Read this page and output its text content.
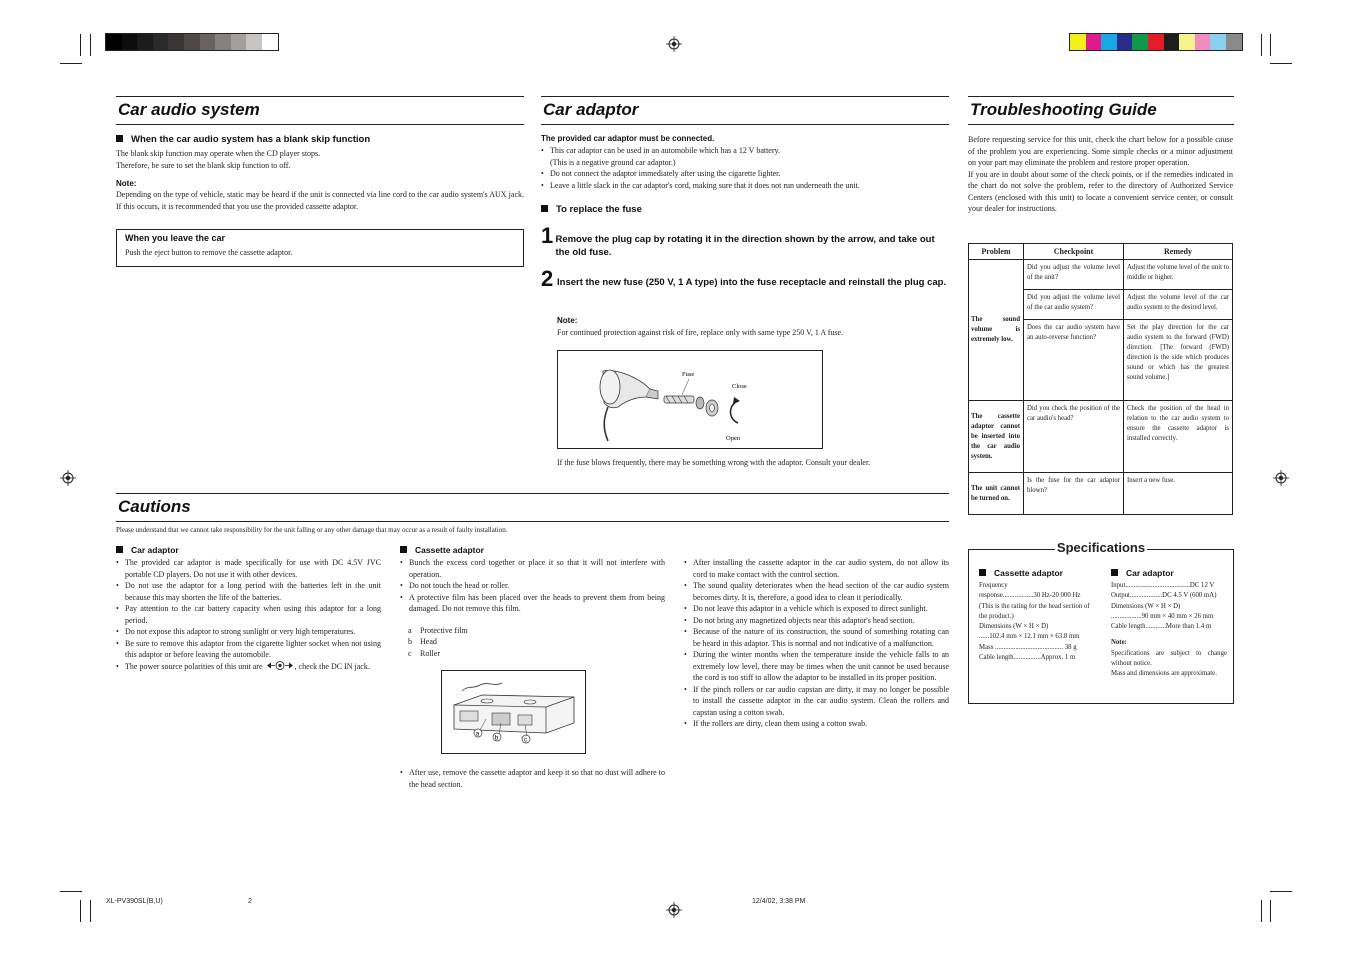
Car audio system
When the car audio system has a blank skip function
The blank skip function may operate when the CD player stops.
Therefore, be sure to set the blank skip function to off.
Note:
Depending on the type of vehicle, static may be heard if the unit is connected via line cord to the car audio system's AUX jack. If this occurs, it is recommended that you use the provided cassette adaptor.
When you leave the car
Push the eject button to remove the cassette adaptor.
Car adaptor
The provided car adaptor must be connected.
• This car adaptor can be used in an automobile which has a 12 V battery.
(This is a negative ground car adaptor.)
• Do not connect the adaptor immediately after using the cigarette lighter.
• Leave a little slack in the car adaptor's cord, making sure that it does not run underneath the unit.
To replace the fuse
1 Remove the plug cap by rotating it in the direction shown by the arrow, and take out the old fuse.
2 Insert the new fuse (250 V, 1 A type) into the fuse receptacle and reinstall the plug cap.
Note:
For continued protection against risk of fire, replace only with same type 250 V, 1 A fuse.
Fuse
Close
Open
If the fuse blows frequently, there may be something wrong with the adaptor. Consult your dealer.
Troubleshooting Guide
Before requesting service for this unit, check the chart below for a possible cause of the problem you are experiencing. Some simple checks or a minor adjustment on your part may eliminate the problem and restore proper operation.
If you are in doubt about some of the check points, or if the remedies indicated in the chart do not solve the problem, refer to the directory of Authorized Service Centers (enclosed with this unit) to locate a convenient service center, or consult your dealer for instructions.
Problem	Checkpoint	Remedy
The sound volume is extremely low.	Did you adjust the volume level of the unit?	Adjust the volume level of the unit to middle or higher.
	Did you adjust the volume level of the car audio system?	Adjust the volume level of the car audio system to the desired level.
	Does the car audio system have an auto-reverse function?	Set the play direction for the car audio system to the forward (FWD) direction. [The forward (FWD) direction is the side which produces sound or which has the greatest sound volume.]
The cassette adaptor cannot be inserted into the car audio system.	Did you check the position of the car audio's head?	Check the position of the head in relation to the car audio system to ensure the cassette adaptor is installed correctly.
The unit cannot be turned on.	Is the fuse for the car adaptor blown?	Insert a new fuse.
Cautions
Please understand that we cannot take responsibility for the unit falling or any other damage that may occur as a result of faulty installation.
Car adaptor
• The provided car adaptor is made specifically for use with DC 4.5V JVC portable CD players. Do not use it with other devices.
• Do not use the adaptor for a long period with the batteries left in the unit because this may shorten the life of the batteries.
• Pay attention to the car battery capacity when using this adaptor for a long period.
• Do not expose this adaptor to strong sunlight or very high temperatures.
• Be sure to remove this adaptor from the cigarette lighter socket when not using this adaptor or before leaving the automobile.
• The power source polarities of this unit are	, check the DC IN jack.
Cassette adaptor
• Bunch the excess cord together or place it so that it will not interfere with operation.
• Do not touch the head or roller.
• A protective film has been placed over the heads to prevent them from being damaged. Do not remove this film.
a Protective film
b Head
c Roller
a
b	c
• After use, remove the cassette adaptor and keep it so that no dust will adhere to the head section.
• After installing the cassette adaptor in the car audio system, do not allow its cord to make contact with the control section.
• The sound quality deteriorates when the head section of the car audio system becomes dirty. It is, therefore, a good idea to clean it periodically.
• Do not leave this adaptor in a vehicle which is exposed to direct sunlight.
• Do not bring any magnetized objects near this adaptor's head section.
• Because of the nature of its construction, the sound of something rotating can be heard in this adaptor. This is normal and not indicative of a malfunction.
• During the winter months when the temperature inside the vehicle falls to an extremely low level, there may be times when the unit cannot be used because the cord is too stiff to allow the adaptor to be installed in its proper position.
• If the pinch rollers or car audio capstan are dirty, it may no longer be possible to install the cassette adaptor in the car audio system. Clean the rollers and capstan using a cotton swab.
• If the rollers are dirty, clean them using a cotton swab.
Specifications
Cassette adaptor
Frequency
response..................30 Hz-20 000 Hz
(This is the rating for the head section of the product.)
Dimensions (W × H × D)
......102.4 mm × 12.1 mm × 63.8 mm
Mass ........................................ 38 g
Cable length................Approx. 1 m
Car adaptor
Input......................................DC 12 V
Output...................DC 4.5 V (600 mA)
Dimensions (W × H × D)
..................90 mm × 40 mm × 26 mm
Cable length............More than 1.4 m
Note:
Specifications are subject to change without notice.
Mass and dimensions are approximate.
XL-PV390SL(B,U)	2	12/4/02, 3:38 PM
